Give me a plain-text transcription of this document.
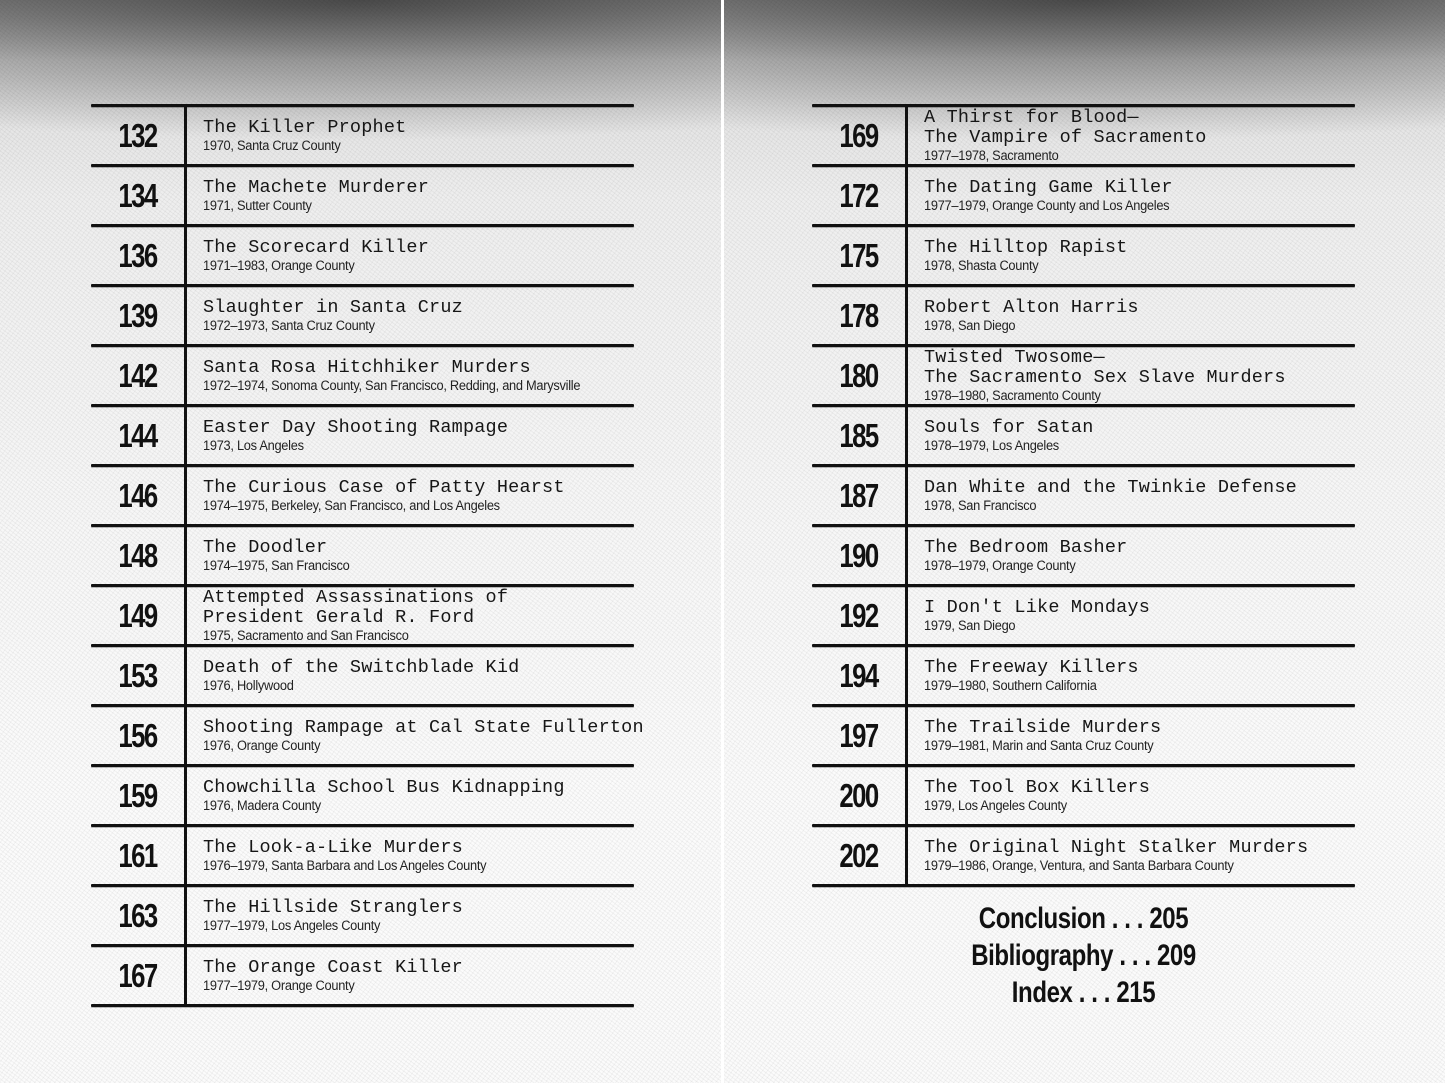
132	The Killer Prophet
1970, Santa Cruz County
134	The Machete Murderer
1971, Sutter County
136	The Scorecard Killer
1971–1983, Orange County
139	Slaughter in Santa Cruz
1972–1973, Santa Cruz County
142	Santa Rosa Hitchhiker Murders
1972–1974, Sonoma County, San Francisco, Redding, and Marysville
144	Easter Day Shooting Rampage
1973, Los Angeles
146	The Curious Case of Patty Hearst
1974–1975, Berkeley, San Francisco, and Los Angeles
148	The Doodler
1974–1975, San Francisco
149	Attempted Assassinations of
President Gerald R. Ford
1975, Sacramento and San Francisco
153	Death of the Switchblade Kid
1976, Hollywood
156	Shooting Rampage at Cal State Fullerton
1976, Orange County
159	Chowchilla School Bus Kidnapping
1976, Madera County
161	The Look-a-Like Murders
1976–1979, Santa Barbara and Los Angeles County
163	The Hillside Stranglers
1977–1979, Los Angeles County
167	The Orange Coast Killer
1977–1979, Orange County
169	A Thirst for Blood—
The Vampire of Sacramento
1977–1978, Sacramento
172	The Dating Game Killer
1977–1979, Orange County and Los Angeles
175	The Hilltop Rapist
1978, Shasta County
178	Robert Alton Harris
1978, San Diego
180	Twisted Twosome—
The Sacramento Sex Slave Murders
1978–1980, Sacramento County
185	Souls for Satan
1978–1979, Los Angeles
187	Dan White and the Twinkie Defense
1978, San Francisco
190	The Bedroom Basher
1978–1979, Orange County
192	I Don't Like Mondays
1979, San Diego
194	The Freeway Killers
1979–1980, Southern California
197	The Trailside Murders
1979–1981, Marin and Santa Cruz County
200	The Tool Box Killers
1979, Los Angeles County
202	The Original Night Stalker Murders
1979–1986, Orange, Ventura, and Santa Barbara County
Conclusion . . . 205
Bibliography . . . 209
Index . . . 215
